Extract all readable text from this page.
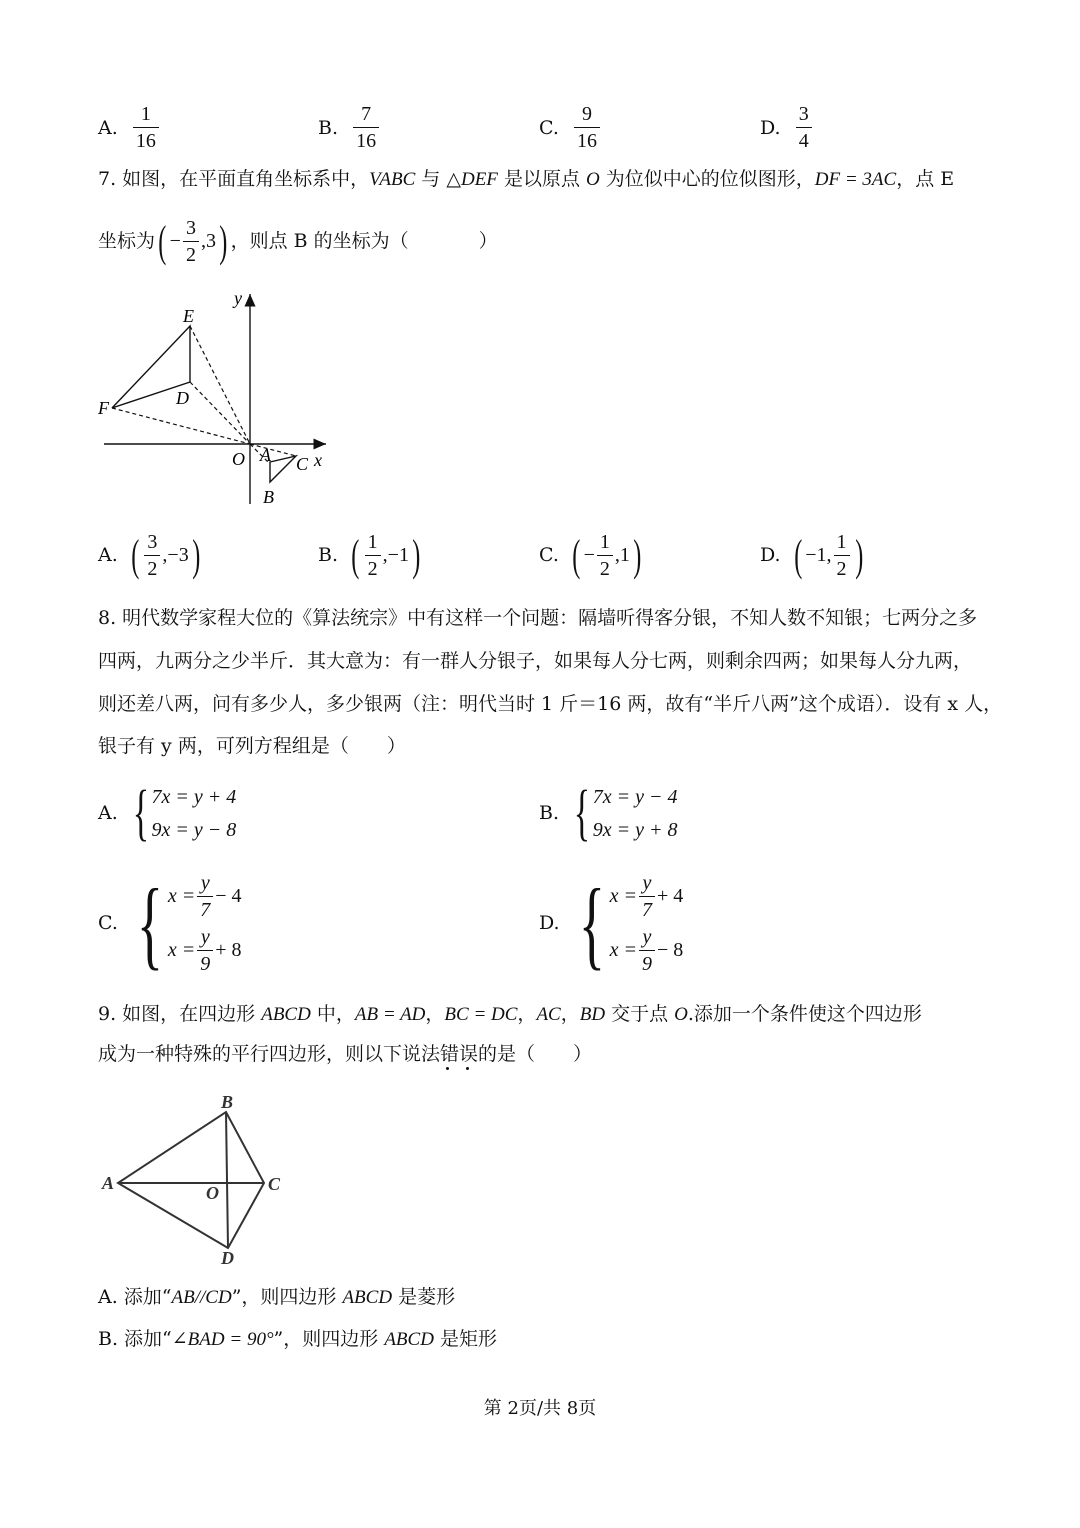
A. $\frac{1}{16}$	B. $\frac{7}{16}$	C. $\frac{9}{16}$	D. $\frac{3}{4}$
7. 如图，在平面直角坐标系中，VABC 与 △DEF 是以原点 O 为位似中心的位似图形，DF = 3AC，点 E
坐标为 ( − $\frac{3}{2} ,3$ ) ，则点 B 的坐标为（	）
y
x
E
D
F
O A C
B
A. ( $\frac{3}{2} ,-3$ )	B. ( $\frac{1}{2} ,-1$ )	C. ( − $\frac{1}{2} ,1$ )	D. ( −1, $\frac{1}{2}$ )
8. 明代数学家程大位的《算法统宗》中有这样一个问题：隔墙听得客分银，不知人数不知银；七两分之多
四两，九两分之少半斤．其大意为：有一群人分银子，如果每人分七两，则剩余四两；如果每人分九两，
则还差八两，问有多少人，多少银两（注：明代当时 1 斤＝16 两，故有“半斤八两”这个成语）．设有 x 人，
银子有 y 两，可列方程组是（　　）
A. { 7x = y + 4
9x = y − 8
B. { 7x = y − 4
9x = y + 8
C. { $x = \frac{y}{7} - 4$
$x = \frac{y}{9} + 8$
D. { $x = \frac{y}{7} + 4$
$x = \frac{y}{9} - 8$
9. 如图，在四边形 ABCD 中，AB = AD，BC = DC，AC，BD 交于点 O.添加一个条件使这个四边形
成为一种特殊的平行四边形，则以下说法错误的是（　　）
A
B
C
D
O
A. 添加“AB//CD”，则四边形 ABCD 是菱形
B. 添加“∠BAD = 90°”，则四边形 ABCD 是矩形
第 2页/共 8页
